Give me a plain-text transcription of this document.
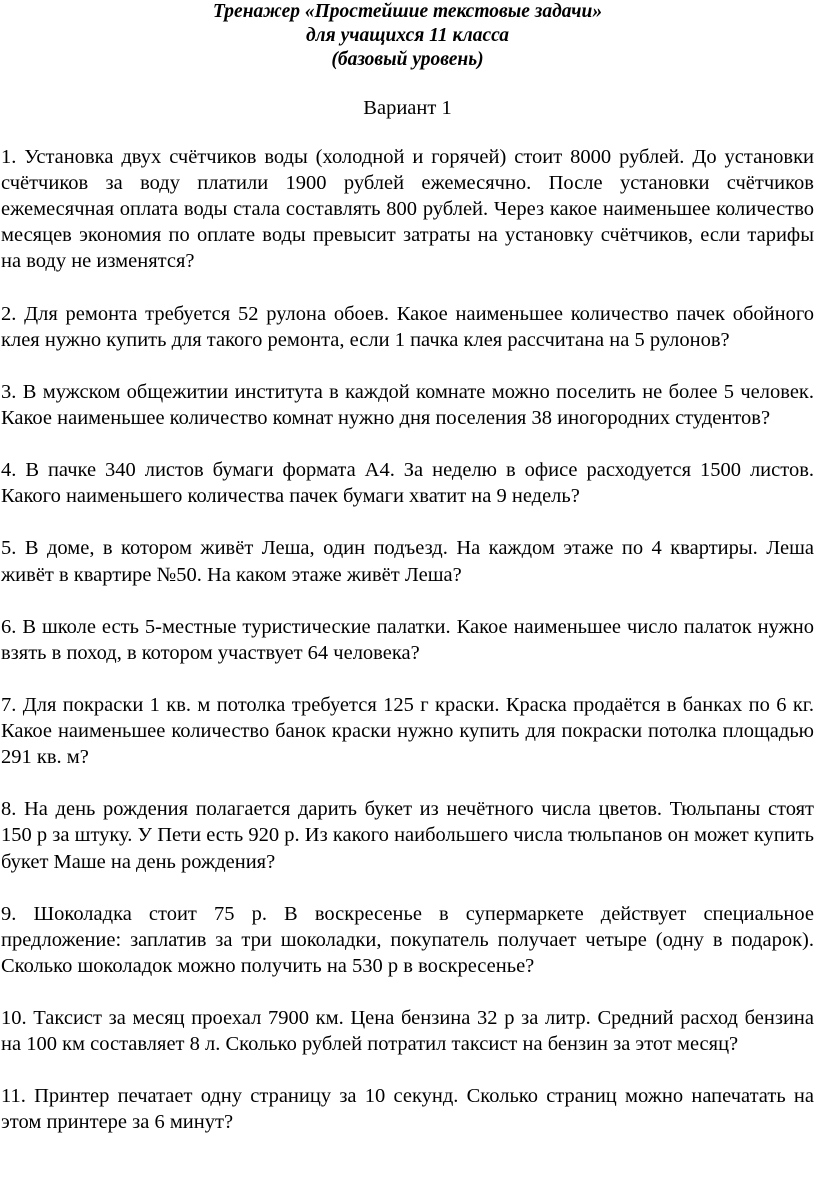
Тренажер «Простейшие текстовые задачи»
для учащихся 11 класса
(базовый уровень)
Вариант 1

1. Установка двух счётчиков воды (холодной и горячей) стоит 8000 рублей. До установки счётчиков за воду платили 1900 рублей ежемесячно. После установки счётчиков ежемесячная оплата воды стала составлять 800 рублей. Через какое наименьшее количество месяцев экономия по оплате воды превысит затраты на установку счётчиков, если тарифы на воду не изменятся?

2. Для ремонта требуется 52 рулона обоев. Какое наименьшее количество пачек обойного клея нужно купить для такого ремонта, если 1 пачка клея рассчитана на 5 рулонов?

3. В мужском общежитии института в каждой комнате можно поселить не более 5 человек. Какое наименьшее количество комнат нужно дня поселения 38 иногородних студентов?

4. В пачке 340 листов бумаги формата А4. За неделю в офисе расходуется 1500 листов. Какого наименьшего количества пачек бумаги хватит на 9 недель?

5. В доме, в котором живёт Леша, один подъезд. На каждом этаже по 4 квартиры. Леша живёт в квартире №50. На каком этаже живёт Леша?

6. В школе есть 5-местные туристические палатки. Какое наименьшее число палаток нужно взять в поход, в котором участвует 64 человека?

7. Для покраски 1 кв. м потолка требуется 125 г краски. Краска продаётся в банках по 6 кг. Какое наименьшее количество банок краски нужно купить для покраски потолка площадью 291 кв. м?

8. На день рождения полагается дарить букет из нечётного числа цветов. Тюльпаны стоят 150 р за штуку. У Пети есть 920 р. Из какого наибольшего числа тюльпанов он может купить букет Маше на день рождения?

9. Шоколадка стоит 75 р. В воскресенье в супермаркете действует специальное предложение: заплатив за три шоколадки, покупатель получает четыре (одну в подарок). Сколько шоколадок можно получить на 530 р в воскресенье?

10. Таксист за месяц проехал 7900 км. Цена бензина 32 р за литр. Средний расход бензина на 100 км составляет 8 л. Сколько рублей потратил таксист на бензин за этот месяц?

11. Принтер печатает одну страницу за 10 секунд. Сколько страниц можно напечатать на этом принтере за 6 минут?
